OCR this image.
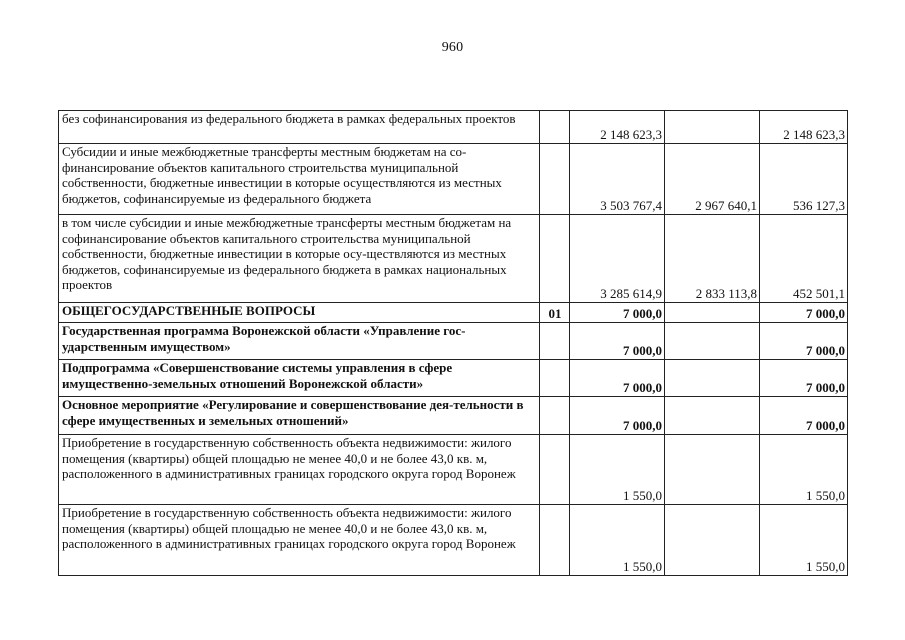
960
без софинансирования из федерального бюджета в рамках федеральных проектов		2 148 623,3		2 148 623,3
Субсидии и иные межбюджетные трансферты местным бюджетам на со-финансирование объектов капитального строительства муниципальной собственности, бюджетные инвестиции в которые осуществляются из местных бюджетов, софинансируемые из федерального бюджета		3 503 767,4	2 967 640,1	536 127,3
в том числе субсидии и иные межбюджетные трансферты местным бюджетам на софинансирование объектов капитального строительства муниципальной собственности, бюджетные инвестиции в которые осу-ществляются из местных бюджетов, софинансируемые из федерального бюджета в рамках национальных проектов		3 285 614,9	2 833 113,8	452 501,1
ОБЩЕГОСУДАРСТВЕННЫЕ ВОПРОСЫ	01	7 000,0		7 000,0
Государственная программа Воронежской области «Управление гос-ударственным имуществом»		7 000,0		7 000,0
Подпрограмма «Совершенствование системы управления в сфере имущественно-земельных отношений Воронежской области»		7 000,0		7 000,0
Основное мероприятие «Регулирование и совершенствование дея-тельности в сфере имущественных и земельных отношений»		7 000,0		7 000,0
Приобретение в государственную собственность объекта недвижимости: жилого помещения (квартиры) общей площадью не менее 40,0 и не более 43,0 кв. м, расположенного в административных границах городского округа город Воронеж		1 550,0		1 550,0
Приобретение в государственную собственность объекта недвижимости: жилого помещения (квартиры) общей площадью не менее 40,0 и не более 43,0 кв. м, расположенного в административных границах городского округа город Воронеж		1 550,0		1 550,0
